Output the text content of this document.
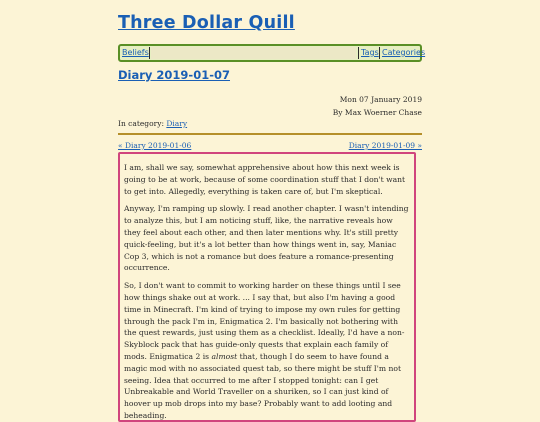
Three Dollar Quill
Beliefs	Tags Categories
Diary 2019-01-07
Mon 07 January 2019
By Max Woerner Chase
In category: Diary
« Diary 2019-01-06	Diary 2019-01-09 »

I am, shall we say, somewhat apprehensive about how this next week is going to be at work, because of some coordination stuff that I don't want to get into. Allegedly, everything is taken care of, but I'm skeptical.

Anyway, I'm ramping up slowly. I read another chapter. I wasn't intending to analyze this, but I am noticing stuff, like, the narrative reveals how they feel about each other, and then later mentions why. It's still pretty quick-feeling, but it's a lot better than how things went in, say, Maniac Cop 3, which is not a romance but does feature a romance-presenting occurrence.

So, I don't want to commit to working harder on these things until I see how things shake out at work. ... I say that, but also I'm having a good time in Minecraft. I'm kind of trying to impose my own rules for getting through the pack I'm in, Enigmatica 2. I'm basically not bothering with the quest rewards, just using them as a checklist. Ideally, I'd have a non-Skyblock pack that has guide-only quests that explain each family of mods. Enigmatica 2 is almost that, though I do seem to have found a magic mod with no associated quest tab, so there might be stuff I'm not seeing. Idea that occurred to me after I stopped tonight: can I get Unbreakable and World Traveller on a shuriken, so I can just kind of hoover up mob drops into my base? Probably want to add looting and beheading.
